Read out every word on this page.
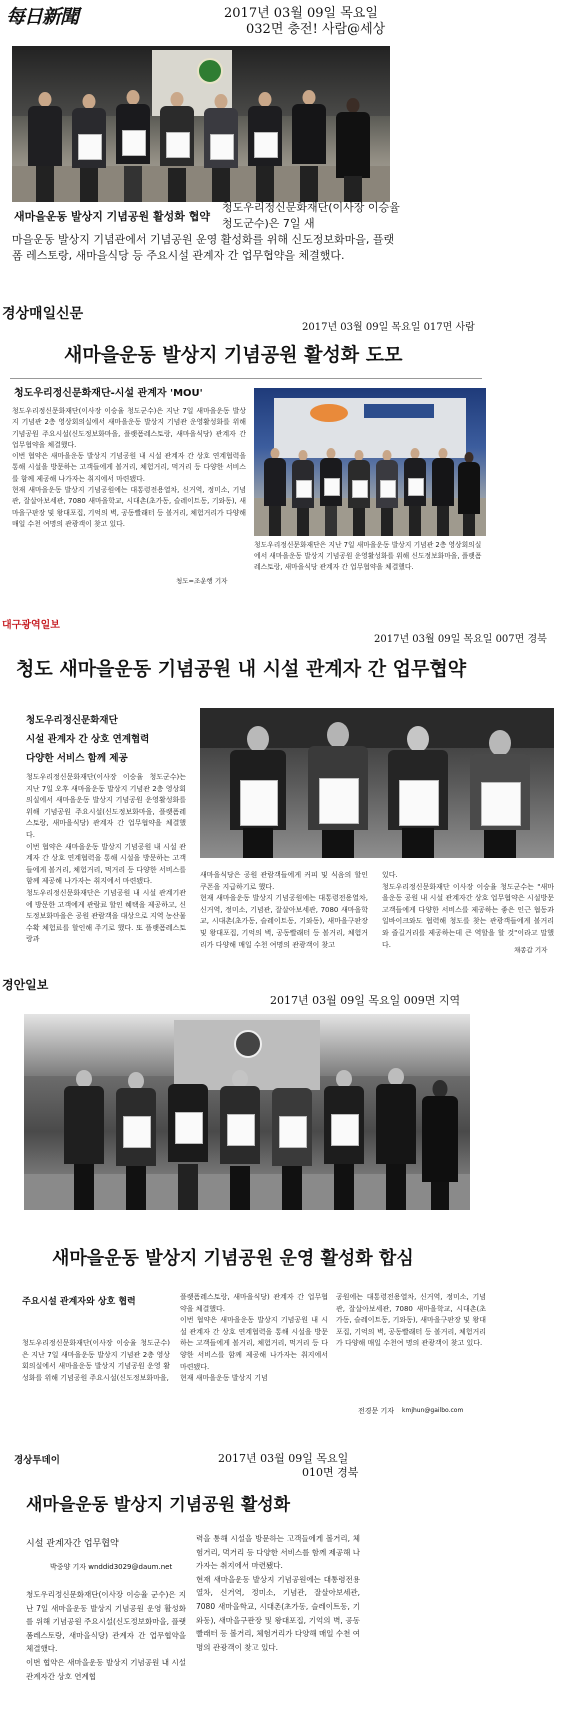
每日新聞	2017년 03월 09일 목요일
032면 충전! 사람@세상
새마을운동 발상지 기념공원 활성화 협약
청도우리정신문화재단(이사장 이승율 청도군수)은 7일 새
마을운동 발상지 기념관에서 기념공원 운영 활성화를 위해 신도정보화마을, 플랫폼 레스토랑, 새마을식당 등 주요시설 관계자 간 업무협약을 체결했다.
경상매일신문
2017년 03월 09일 목요일 017면 사람
새마을운동 발상지 기념공원 활성화 도모
청도우리정신문화재단-시설 관계자 'MOU'
청도우리정신문화재단(이사장 이승율 청도군수)은 지난 7일 새마을운동 발상지 기념관 2층 영상회의실에서 새마을운동 발상지 기념관 운영활성화를 위해 기념공원 주요시설(신도정보화마을, 플랫폼레스토랑, 새마을식당) 관계자 간 업무협약을 체결했다.
이번 협약은 새마을운동 발상지 기념공원 내 시설 관계자 간 상호 연계협력을 통해 시설을 방문하는 고객들에게 볼거리, 체험거리, 먹거리 등 다양한 서비스를 함께 제공해 나가자는 취지에서 마련됐다.
현재 새마을운동 발상지 기념공원에는 대통령전용열차, 신거역, 정미소, 기념관, 잘살아보세관, 7080 새마을학교, 시대촌(초가동, 슬레이트동, 기와동), 새마을구판장 및 왕대포집, 기억의 벽, 공동빨래터 등 볼거리, 체험거리가 다양해 매일 수천 여명의 관광객이 찾고 있다.
청도=조운행 기자
청도우리정신문화재단은 지난 7일 새마을운동 발상지 기념관 2층 영상회의실에서 새마을운동 발상지 기념공원 운영활성화를 위해 신도정보화마을, 플랫폼레스토랑, 새마을식당 관계자 간 업무협약을 체결했다.
대구광역일보
2017년 03월 09일 목요일 007면 경북
청도 새마을운동 기념공원 내 시설 관계자 간 업무협약
청도우리정신문화재단
시설 관계자 간 상호 연계협력
다양한 서비스 함께 제공
청도우리정신문화재단(이사장 이승율 청도군수)는 지난 7일 오후 새마을운동 발상지 기념관 2층 영상회의실에서 새마을운동 발상지 기념공원 운영활성화를 위해 기념공원 주요시설(신도정보화마을, 플랫폼레스토랑, 새마을식당) 관계자 간 업무협약을 체결했다.
이번 협약은 새마을운동 발상지 기념공원 내 시설 관계자 간 상호 연계협력을 통해 시설을 방문하는 고객들에게 볼거리, 체험거리, 먹거리 등 다양한 서비스를 함께 제공해 나가자는 취지에서 마련됐다.
청도우리정신문화재단은 기념공원 내 시설 관계기관에 방문한 고객에게 관람료 할인 혜택을 제공하고, 신도정보화마을은 공원 관람객을 대상으로 지역 농산물 수확 체험료를 할인해 주기로 했다. 또 플랫폼레스토랑과
새마을식당은 공원 관람객들에게 커피 및 식음의 할인쿠폰을 지급하기로 했다.
현재 새마을운동 발상지 기념공원에는 대통령전용열차, 신거역, 정미소, 기념관, 잘살아보세관, 7080 새마을학교, 시대촌(초가동, 슬레이트동, 기와동), 새마을구판장 및 왕대포집, 기억의 벽, 공동빨래터 등 볼거리, 체험거리가 다양해 매일 수천 여명의 관광객이 찾고
있다.
청도우리정신문화재단 이사장 이승율 청도군수는 "새마을운동 공원 내 시설 관계자간 상호 업무협약은 시설방문 고객들에게 다양한 서비스를 제공하는 좋은 인근 협동과 일바이크와도 협력해 청도를 찾는 관광객들에게 볼거리와 즐길거리를 제공하는데 큰 역할을 할 것"이라고 말했다.
채종갑 기자
경안일보
2017년 03월 09일 목요일 009면 지역
새마을운동 발상지 기념공원 운영 활성화 합심
주요시설 관계자와 상호 협력
청도우리정신문화재단(이사장 이승율 청도군수)은 지난 7일 새마을운동 발상지 기념관 2층 영상회의실에서 새마을운동 발상지 기념공원 운영 활성화를 위해 기념공원 주요시설(신도정보화마을,
플랫폼레스토랑, 새마을식당) 관계자 간 업무협약을 체결했다.
이번 협약은 새마을운동 발상지 기념공원 내 시설 관계자 간 상호 연계협력을 통해 시설을 방문하는 고객들에게 볼거리, 체험거리, 먹거리 등 다양한 서비스를 함께 제공해 나가자는 취지에서 마련됐다.
현재 새마을운동 발상지 기념
공원에는 대통령전용열차, 신거역, 정미소, 기념관, 잘살아보세관, 7080 새마을학교, 시대촌(초가동, 슬레이트동, 기와동), 새마을구판장 및 왕대포집, 기억의 벽, 공동빨래터 등 볼거리, 체험거리가 다양해 매일 수천여 명의 관광객이 찾고 있다.
전경문 기자 kmjhun@gailbo.com
경상투데이	2017년 03월 09일 목요일
010면 경북
새마을운동 발상지 기념공원 활성화
시설 관계자간 업무협약
박중양 기자 wnddid3029@daum.net
청도우리정신문화재단(이사장 이승율 군수)은 지난 7일 새마을운동 발상지 기념공원 운영 활성화를 위해 기념공원 주요시설(신도정보화마을, 플랫폼레스토랑, 새마을식당) 관계자 간 업무협약을 체결했다.
이번 협약은 새마을운동 발상지 기념공원 내 시설 관계자간 상호 연계협
력을 통해 시설을 방문하는 고객들에게 볼거리, 체험거리, 먹거리 등 다양한 서비스를 함께 제공해 나가자는 취지에서 마련됐다.
현재 새마을운동 발상지 기념공원에는 대통령전용열차, 신거역, 정미소, 기념관, 잘살아보세관, 7080 새마을학교, 시대촌(초가동, 슬레이트동, 기와동), 새마을구판장 및 왕대포집, 기억의 벽, 공동빨래터 등 볼거리, 체험거리가 다양해 매일 수천 여명의 관광객이 찾고 있다.
